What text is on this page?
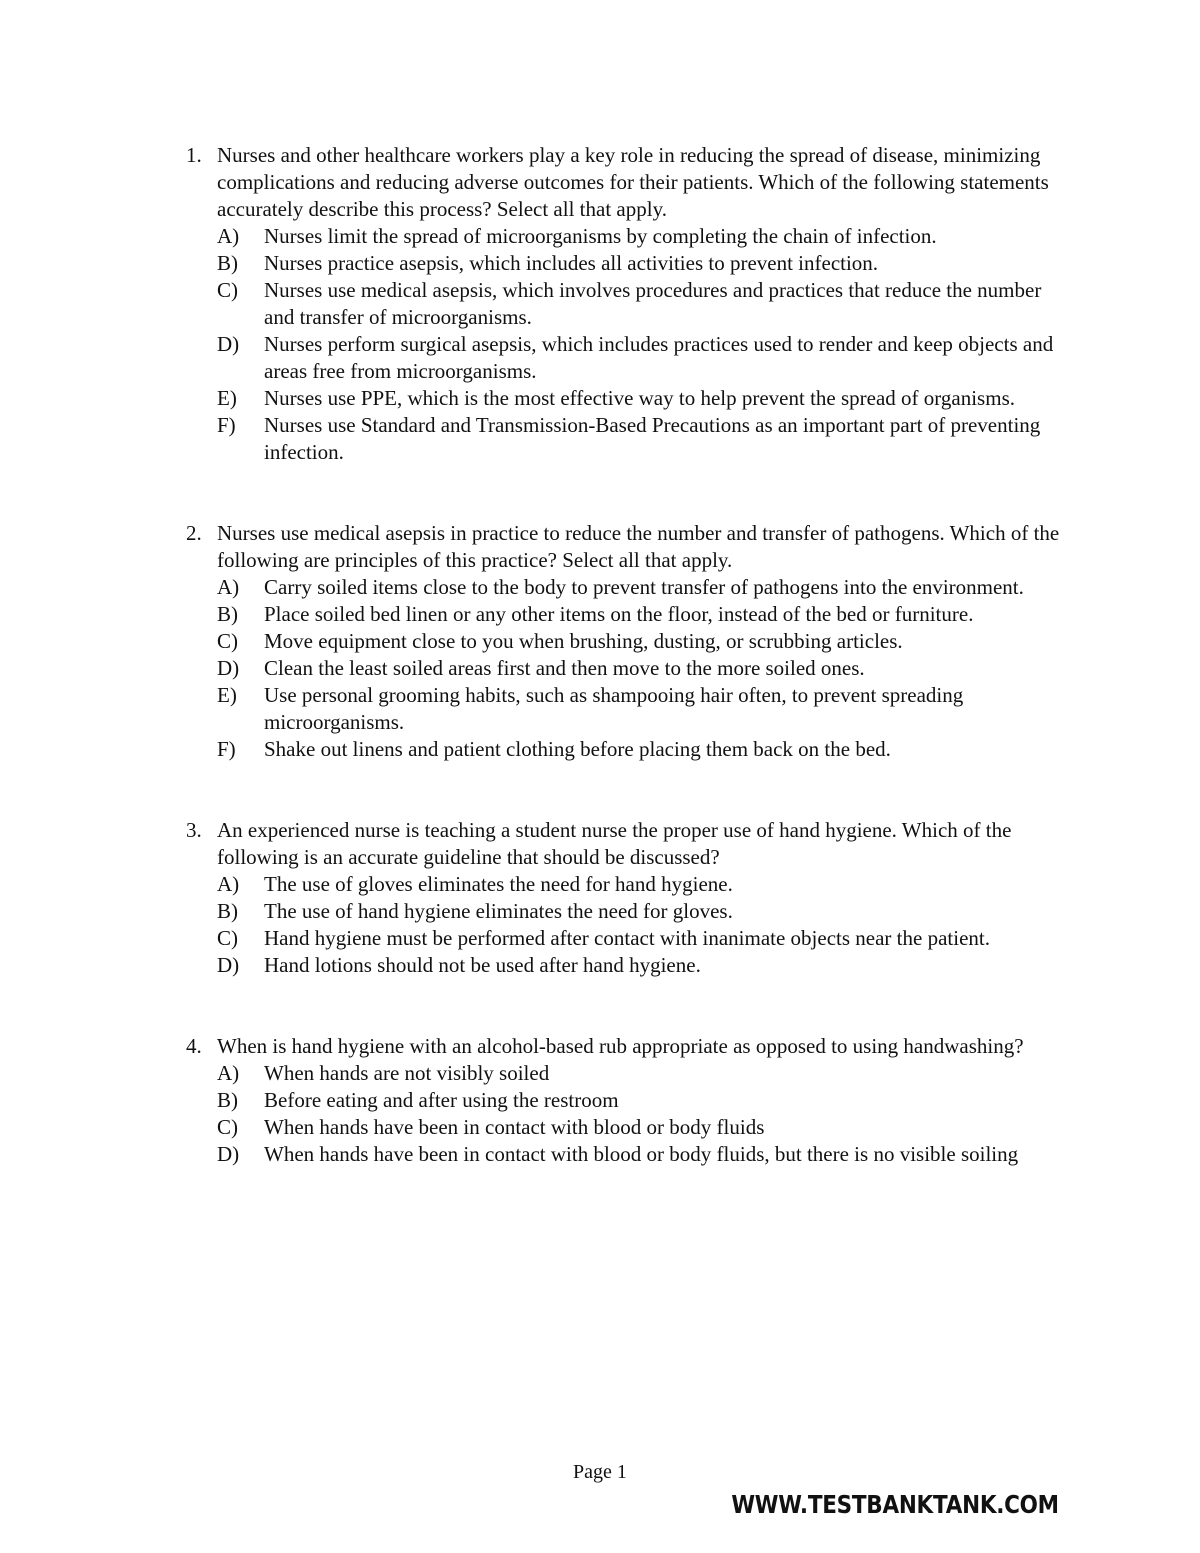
1. Nurses and other healthcare workers play a key role in reducing the spread of disease, minimizing complications and reducing adverse outcomes for their patients. Which of the following statements accurately describe this process? Select all that apply.
A)	Nurses limit the spread of microorganisms by completing the chain of infection.
B)	Nurses practice asepsis, which includes all activities to prevent infection.
C)	Nurses use medical asepsis, which involves procedures and practices that reduce the number and transfer of microorganisms.
D)	Nurses perform surgical asepsis, which includes practices used to render and keep objects and areas free from microorganisms.
E)	Nurses use PPE, which is the most effective way to help prevent the spread of organisms.
F)	Nurses use Standard and Transmission-Based Precautions as an important part of preventing infection.
2. Nurses use medical asepsis in practice to reduce the number and transfer of pathogens. Which of the following are principles of this practice? Select all that apply.
A)	Carry soiled items close to the body to prevent transfer of pathogens into the environment.
B)	Place soiled bed linen or any other items on the floor, instead of the bed or furniture.
C)	Move equipment close to you when brushing, dusting, or scrubbing articles.
D)	Clean the least soiled areas first and then move to the more soiled ones.
E)	Use personal grooming habits, such as shampooing hair often, to prevent spreading microorganisms.
F)	Shake out linens and patient clothing before placing them back on the bed.
3. An experienced nurse is teaching a student nurse the proper use of hand hygiene. Which of the following is an accurate guideline that should be discussed?
A)	The use of gloves eliminates the need for hand hygiene.
B)	The use of hand hygiene eliminates the need for gloves.
C)	Hand hygiene must be performed after contact with inanimate objects near the patient.
D)	Hand lotions should not be used after hand hygiene.
4. When is hand hygiene with an alcohol-based rub appropriate as opposed to using handwashing?
A)	When hands are not visibly soiled
B)	Before eating and after using the restroom
C)	When hands have been in contact with blood or body fluids
D)	When hands have been in contact with blood or body fluids, but there is no visible soiling
Page 1
WWW.TESTBANKTANK.COM
